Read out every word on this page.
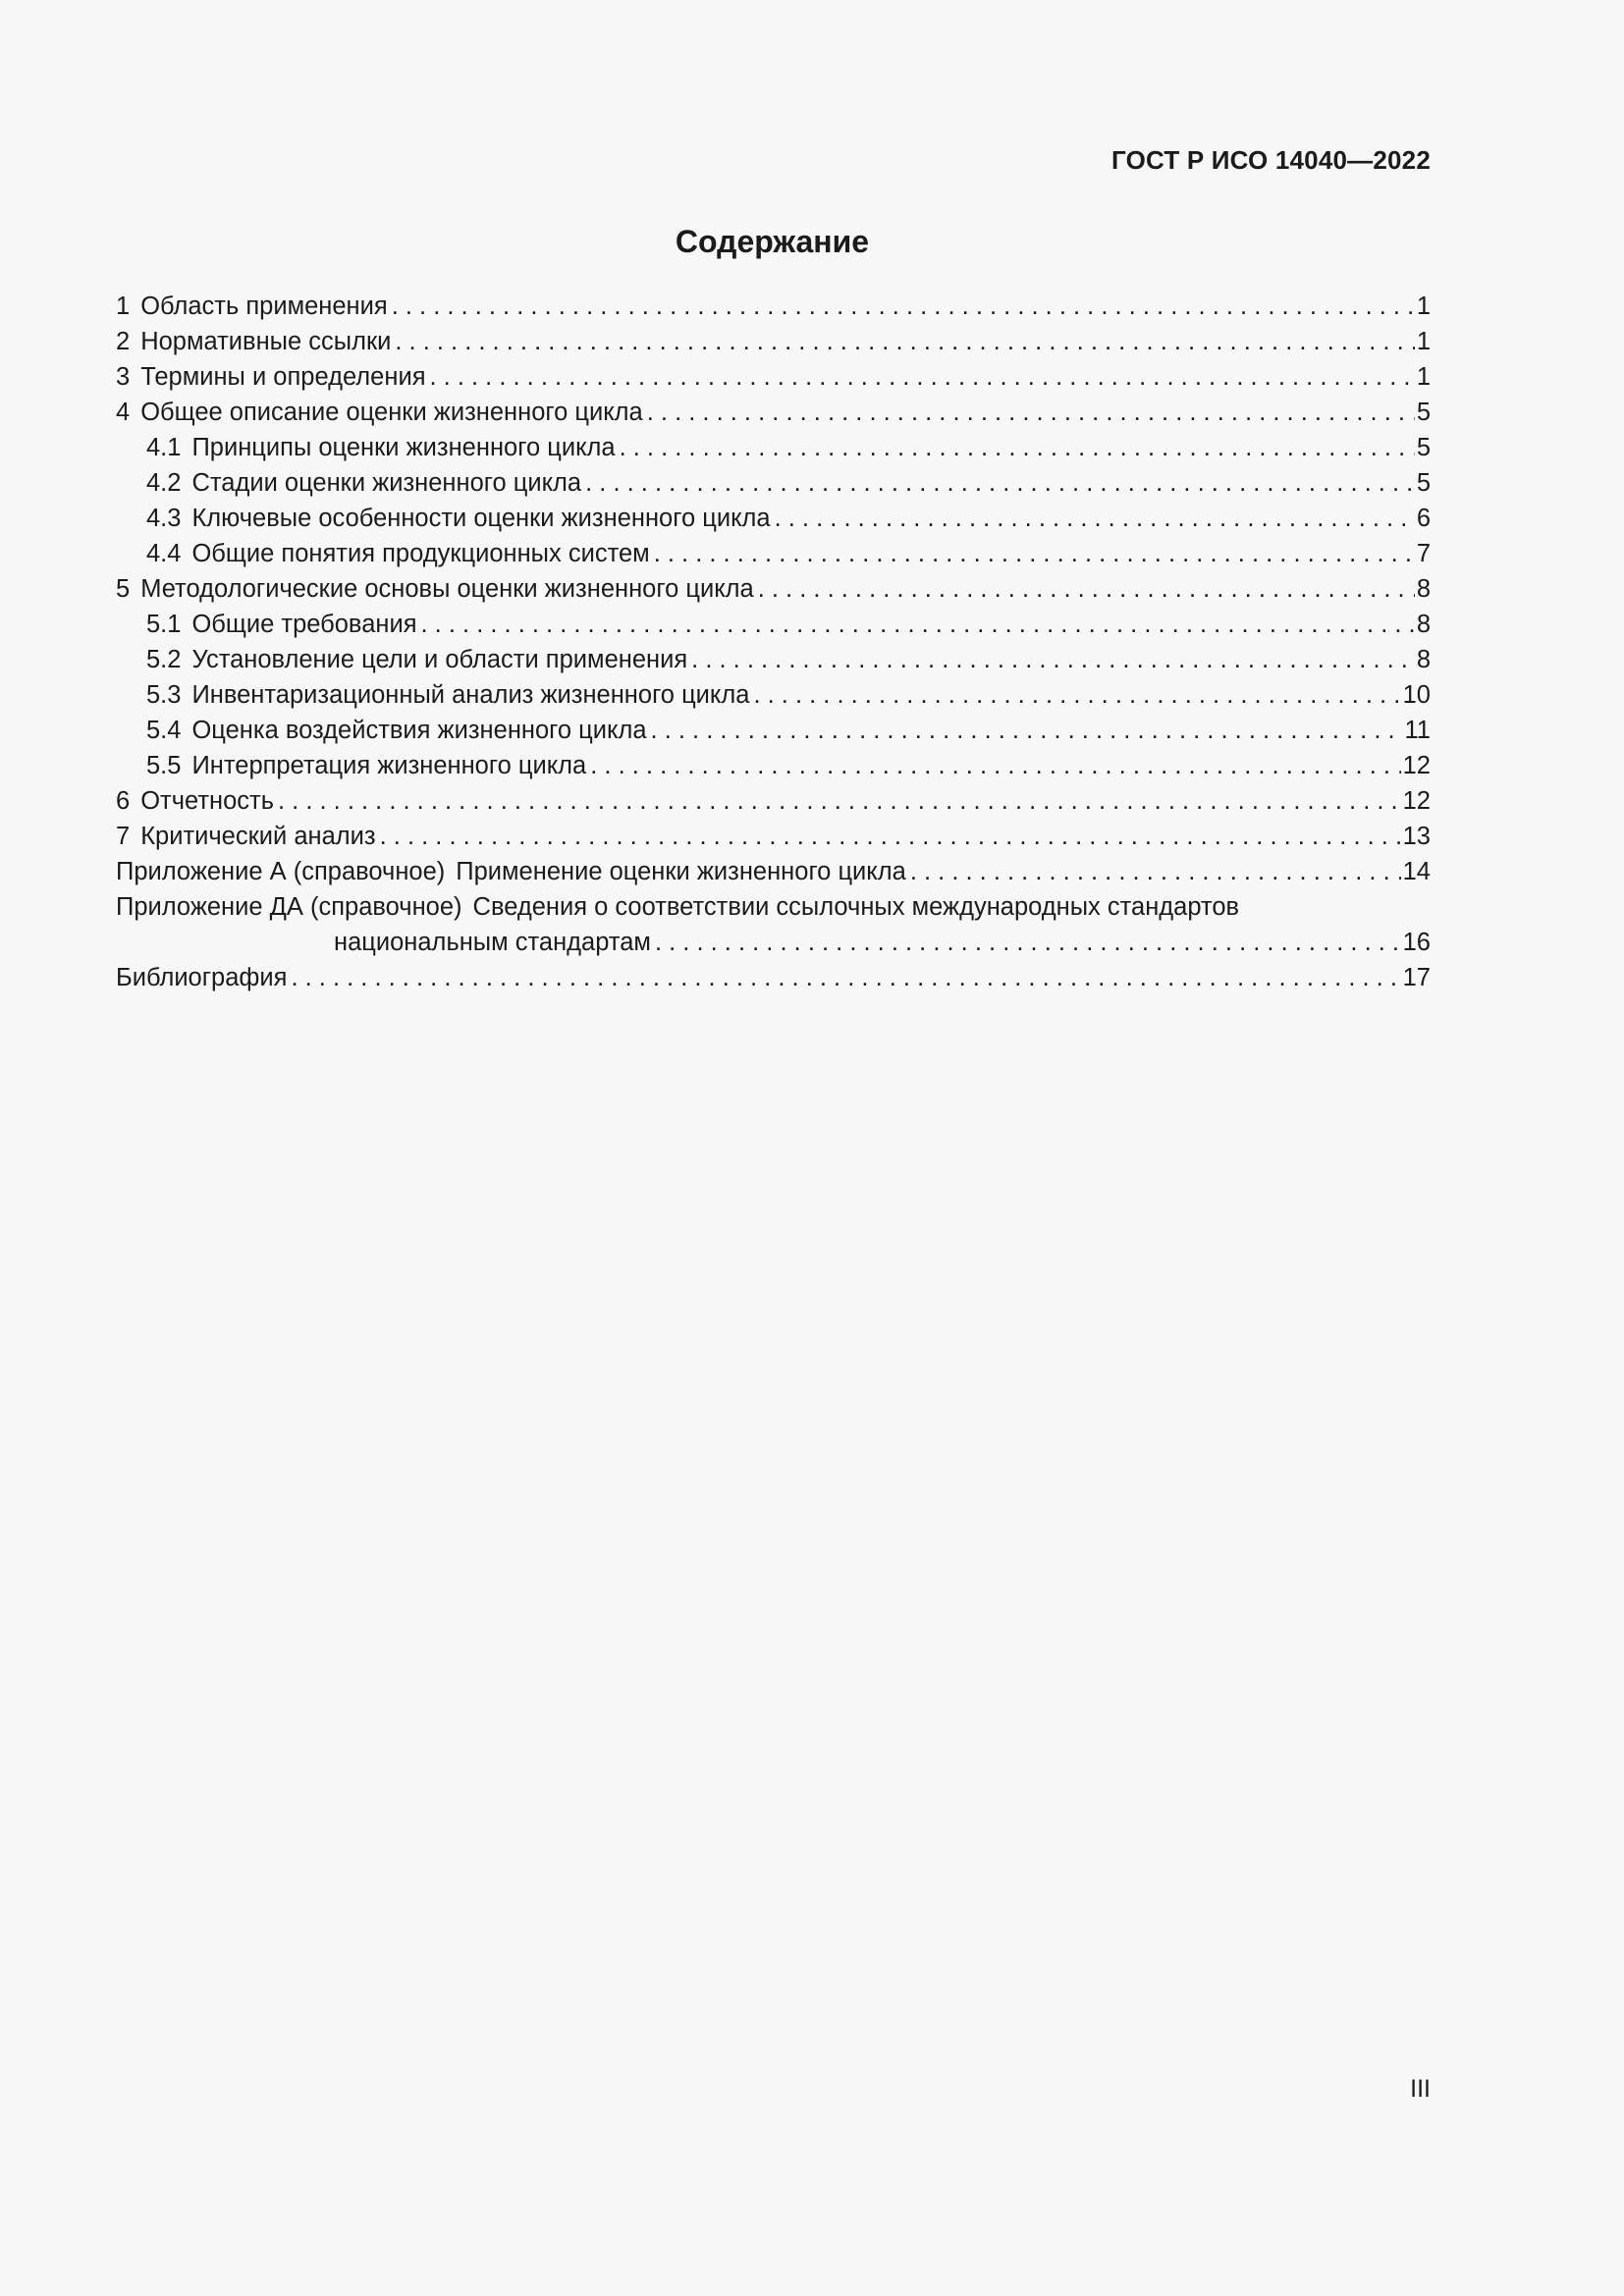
ГОСТ Р ИСО 14040—2022
Содержание
1 Область применения . . .	1
2 Нормативные ссылки . . .	1
3 Термины и определения . . .	1
4 Общее описание оценки жизненного цикла . . .	5
4.1 Принципы оценки жизненного цикла . . .	5
4.2 Стадии оценки жизненного цикла . . .	5
4.3 Ключевые особенности оценки жизненного цикла . . .	6
4.4 Общие понятия продукционных систем . . .	7
5 Методологические основы оценки жизненного цикла . . .	8
5.1 Общие требования . . .	8
5.2 Установление цели и области применения . . .	8
5.3 Инвентаризационный анализ жизненного цикла . . .	10
5.4 Оценка воздействия жизненного цикла . . .	11
5.5 Интерпретация жизненного цикла . . .	12
6 Отчетность . . .	12
7 Критический анализ . . .	13
Приложение А (справочное) Применение оценки жизненного цикла . . .	14
Приложение ДА (справочное) Сведения о соответствии ссылочных международных стандартов
национальным стандартам . . .	16
Библиография . . .	17
III
